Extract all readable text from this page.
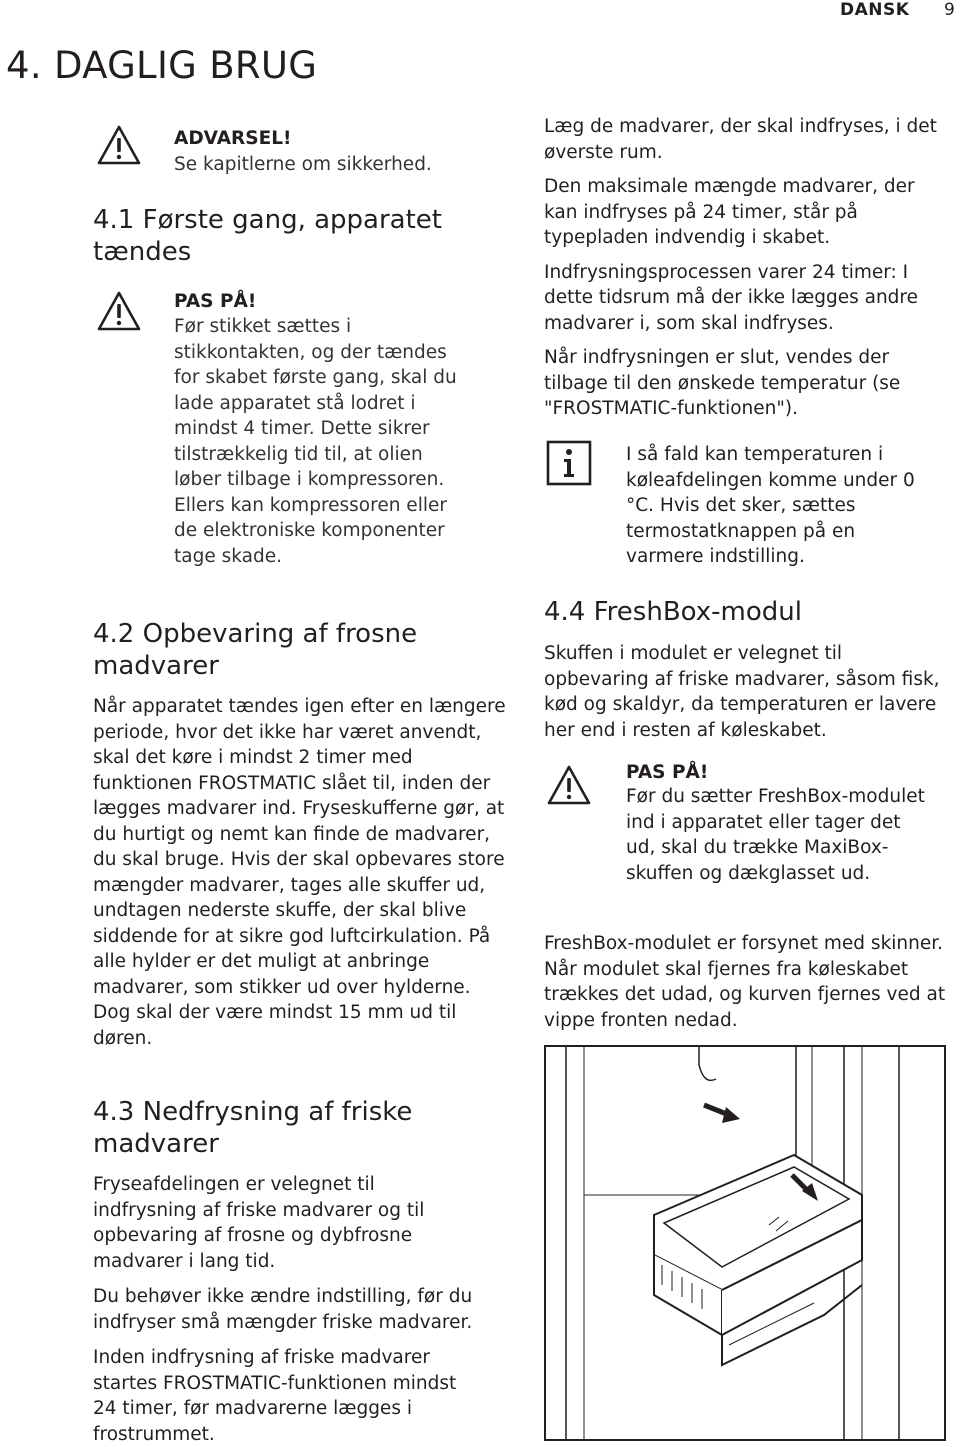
DANSK 9
4. DAGLIG BRUG
ADVARSEL!
Se kapitlerne om sikkerhed.
4.1 Første gang, apparatet tændes
PAS PÅ!
Før stikket sættes i stikkontakten, og der tændes for skabet første gang, skal du lade apparatet stå lodret i mindst 4 timer. Dette sikrer tilstrækkelig tid til, at olien løber tilbage i kompressoren. Ellers kan kompressoren eller de elektroniske komponenter tage skade.
4.2 Opbevaring af frosne madvarer
Når apparatet tændes igen efter en længere periode, hvor det ikke har været anvendt, skal det køre i mindst 2 timer med funktionen FROSTMATIC slået til, inden der lægges madvarer ind. Fryseskufferne gør, at du hurtigt og nemt kan finde de madvarer, du skal bruge. Hvis der skal opbevares store mængder madvarer, tages alle skuffer ud, undtagen nederste skuffe, der skal blive siddende for at sikre god luftcirkulation. På alle hylder er det muligt at anbringe madvarer, som stikker ud over hylderne. Dog skal der være mindst 15 mm ud til døren.
4.3 Nedfrysning af friske madvarer

Fryseafdelingen er velegnet til indfrysning af friske madvarer og til opbevaring af frosne og dybfrosne madvarer i lang tid.

Du behøver ikke ændre indstilling, før du indfryser små mængder friske madvarer.

Inden indfrysning af friske madvarer startes FROSTMATIC-funktionen mindst 24 timer, før madvarerne lægges i frostrummet.

Læg de madvarer, der skal indfryses, i det øverste rum.

Den maksimale mængde madvarer, der kan indfryses på 24 timer, står på typepladen indvendig i skabet.

Indfrysningsprocessen varer 24 timer: I dette tidsrum må der ikke lægges andre madvarer i, som skal indfryses.

Når indfrysningen er slut, vendes der tilbage til den ønskede temperatur (se "FROSTMATIC-funktionen").

I så fald kan temperaturen i køleafdelingen komme under 0 °C. Hvis det sker, sættes termostatknappen på en varmere indstilling.
4.4 FreshBox-modul
Skuffen i modulet er velegnet til opbevaring af friske madvarer, såsom fisk, kød og skaldyr, da temperaturen er lavere her end i resten af køleskabet.
PAS PÅ!
Før du sætter FreshBox-modulet ind i apparatet eller tager det ud, skal du trække MaxiBox-skuffen og dækglasset ud.
FreshBox-modulet er forsynet med skinner. Når modulet skal fjernes fra køleskabet trækkes det udad, og kurven fjernes ved at vippe fronten nedad.
